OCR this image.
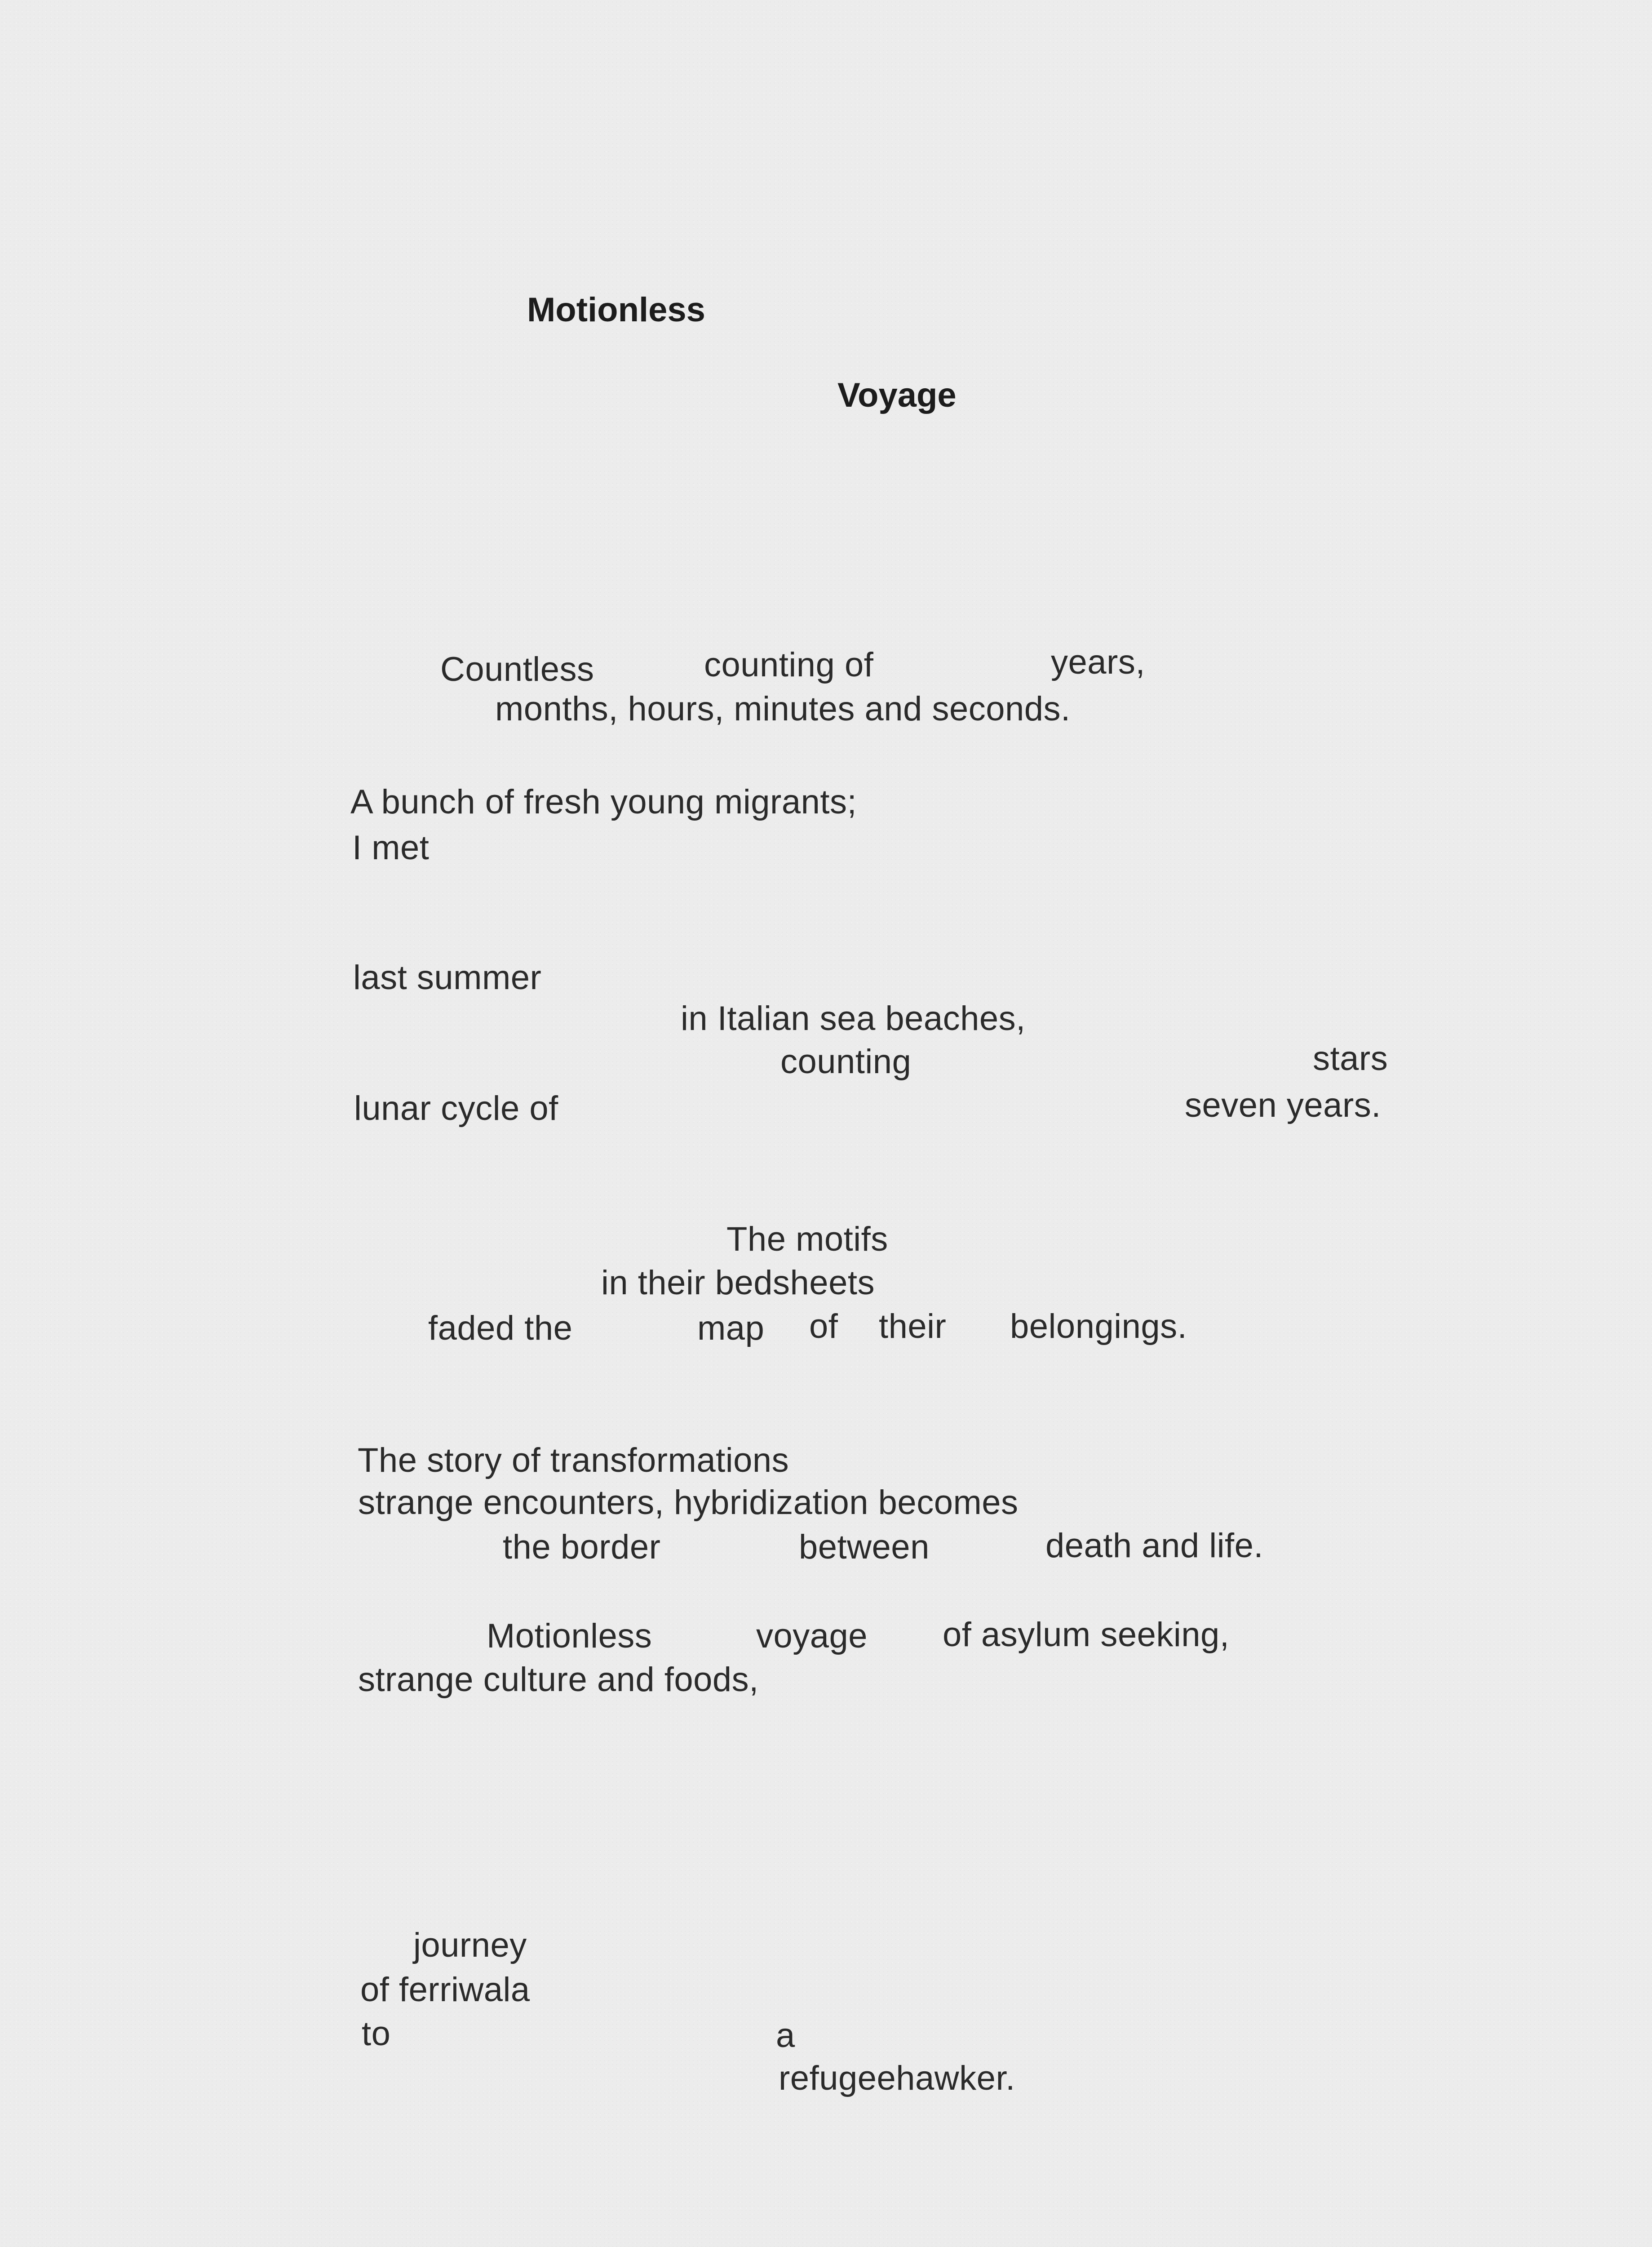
Motionless
Voyage
Countless	counting of	years,
months, hours, minutes and seconds.
A bunch of fresh young migrants;
I met
last summer
in Italian sea beaches,
counting	stars
lunar cycle of	seven years.
The motifs
in their bedsheets
faded the	map of their belongings.
The story of transformations
strange encounters, hybridization becomes
the border	between	death and life.
Motionless	voyage of asylum seeking,
strange culture and foods,
journey
of ferriwala
to	a
refugeehawker.
